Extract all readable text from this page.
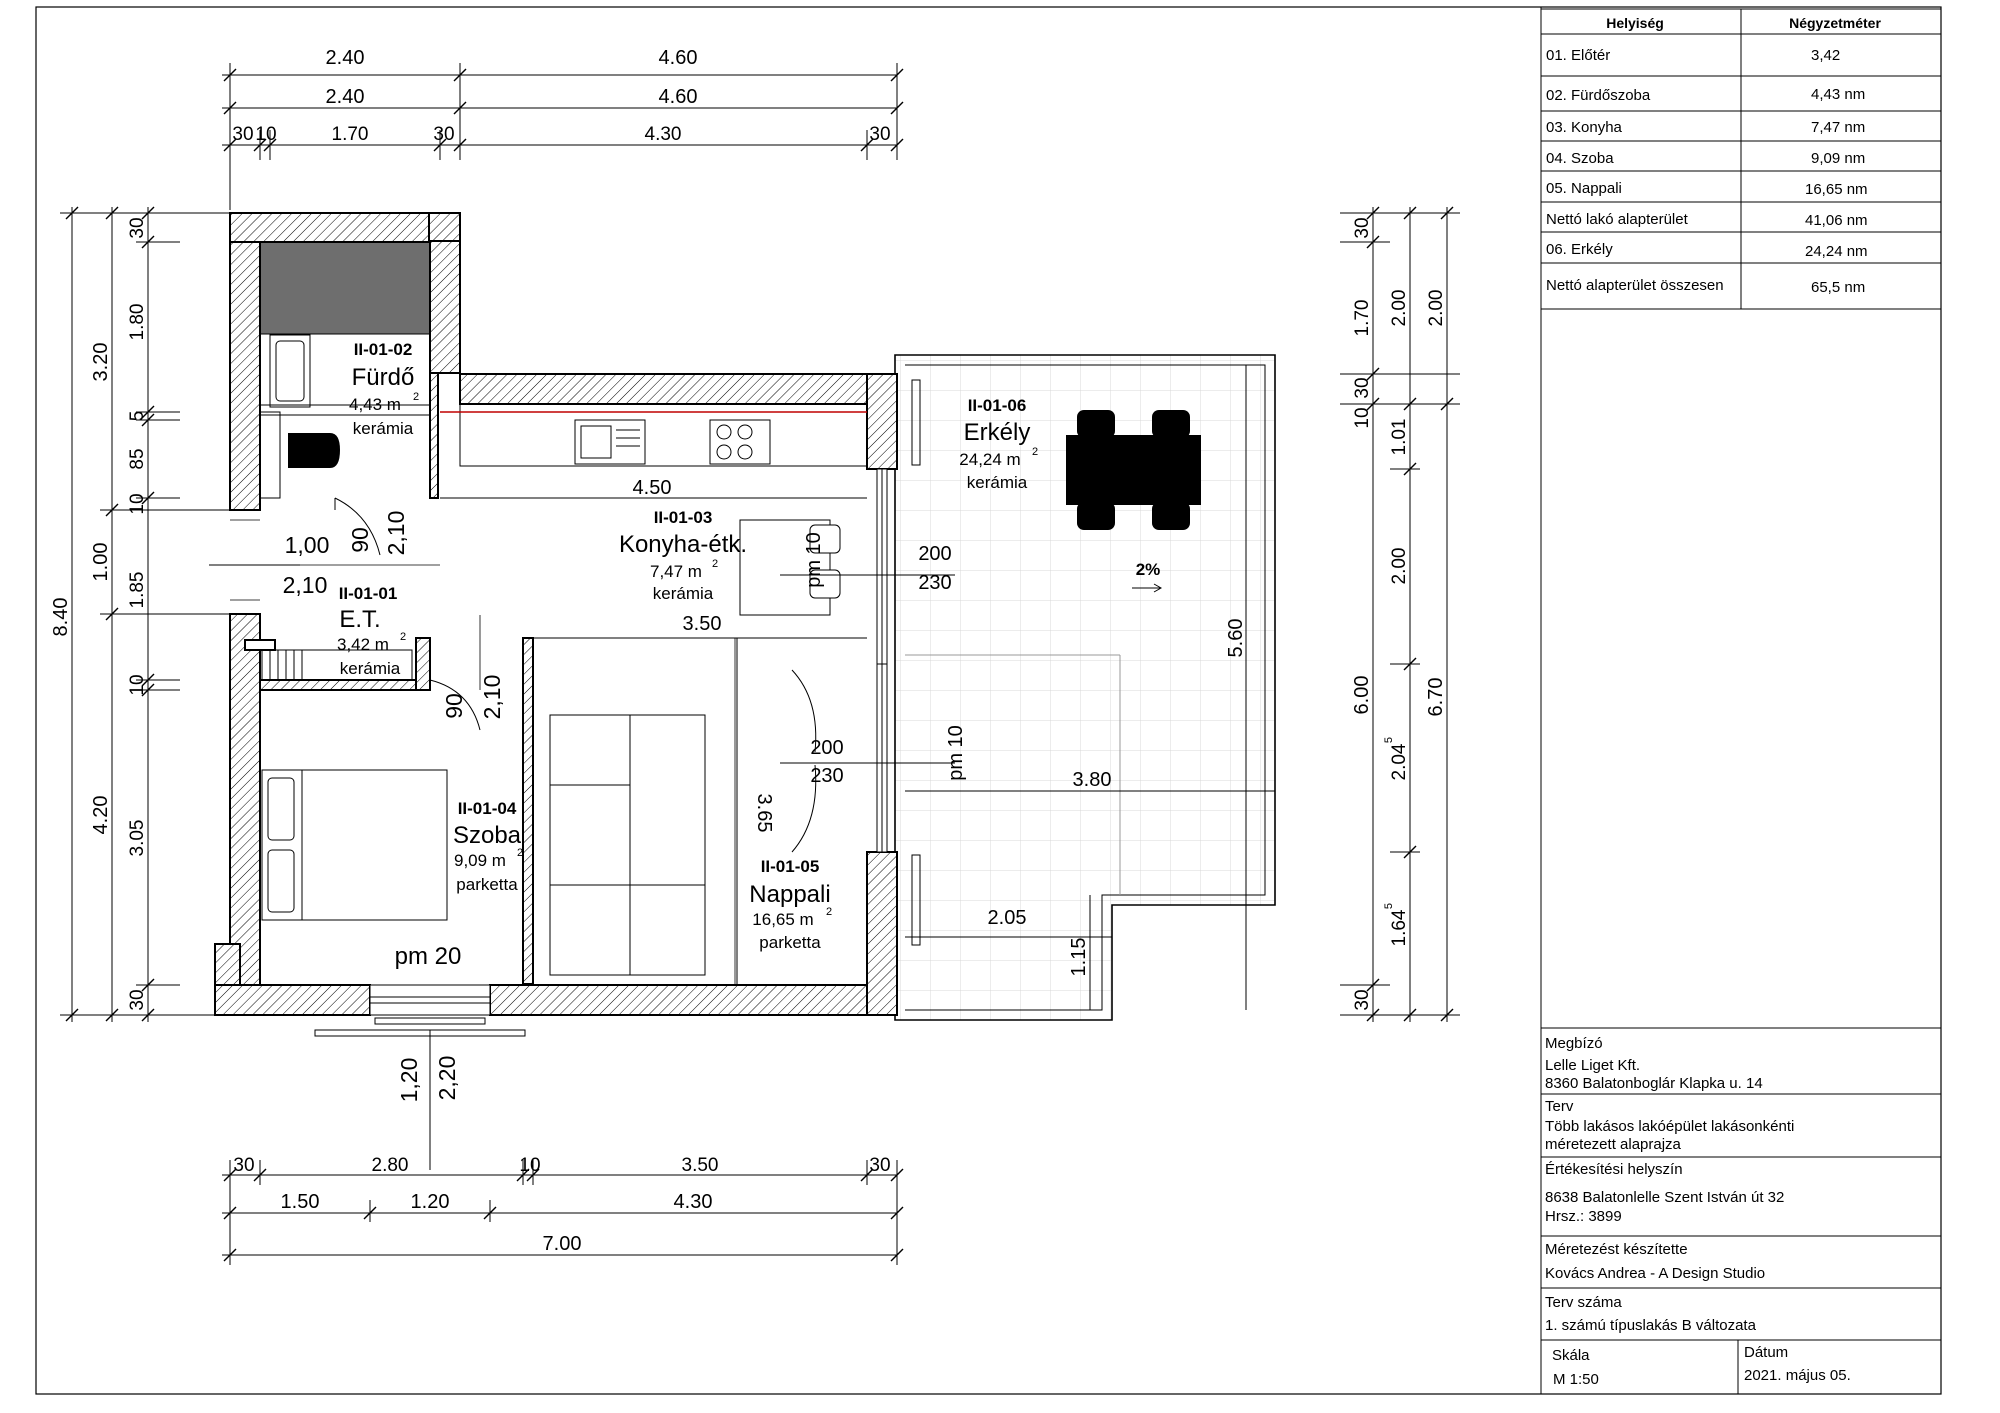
Helyiség	Négyzetméter
01. Előtér	3,42
02. Fürdőszoba	4,43 nm
03. Konyha	7,47 nm
04. Szoba	9,09 nm
05. Nappali	16,65 nm
Nettó lakó alapterület	41,06 nm
06. Erkély	24,24 nm
Nettó alapterület összesen	65,5 nm
Megbízó
Lelle Liget Kft.
8360 Balatonboglár Klapka u. 14
Terv
Több lakásos lakóépület lakásonkénti
méretezett alaprajza
Értékesítési helyszín
8638 Balatonlelle Szent István út 32
Hrsz.: 3899
Méretezést készítette
Kovács Andrea - A Design Studio
Terv száma
1. számú típuslakás B változata
Skála
M 1:50
Dátum
2021. május 05.
2%
II-01-02
Fürdő
4,43 m 2
kerámia
II-01-03
Konyha-étk.
7,47 m 2
kerámia
II-01-01
E.T.
3,42 m 2
kerámia
II-01-04
Szoba
9,09 m 2
parketta
II-01-05
Nappali
16,65 m 2
parketta
II-01-06
Erkély
24,24 m 2
kerámia
4.50
3.50
3.65
5.60
3.80
2.05
1.15
90 2,10
1,00
2,10
90 2,10
200
230
200
230
pm 10
pm 10
pm 20
2.40	4.60
2.40	4.60
30 10	1.70	30	4.30	30
8.40
3.20
1.00
4.20
30
1.80
5
85
10
1.85
10
3.05
30
30
1.70
10
30
6.00
30
2.00
1.01
2.00
2.04
5
1.64
5
2.00
6.70
1,20 2,20
30	2.80	10	3.50	30
1.50	1.20	4.30
7.00
